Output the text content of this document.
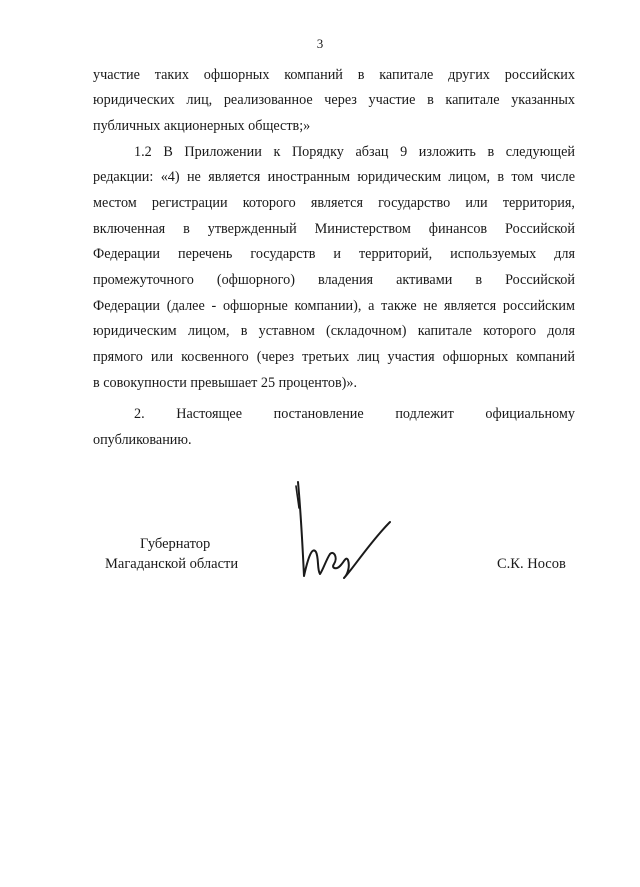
3
участие таких офшорных компаний в капитале других российских
юридических лиц, реализованное через участие в капитале указанных
публичных акционерных обществ;»
1.2 В Приложении к Порядку абзац 9 изложить в следующей
редакции: «4) не является иностранным юридическим лицом, в том числе
местом регистрации которого является государство или территория,
включенная в утвержденный Министерством финансов Российской
Федерации перечень государств и территорий, используемых для
промежуточного (офшорного) владения активами в Российской
Федерации (далее - офшорные компании), а также не является российским
юридическим лицом, в уставном (складочном) капитале которого доля
прямого или косвенного (через третьих лиц участия офшорных компаний
в совокупности превышает 25 процентов)».
2. Настоящее постановление подлежит официальному
опубликованию.
Губернатор
Магаданской области	С.К. Носов
